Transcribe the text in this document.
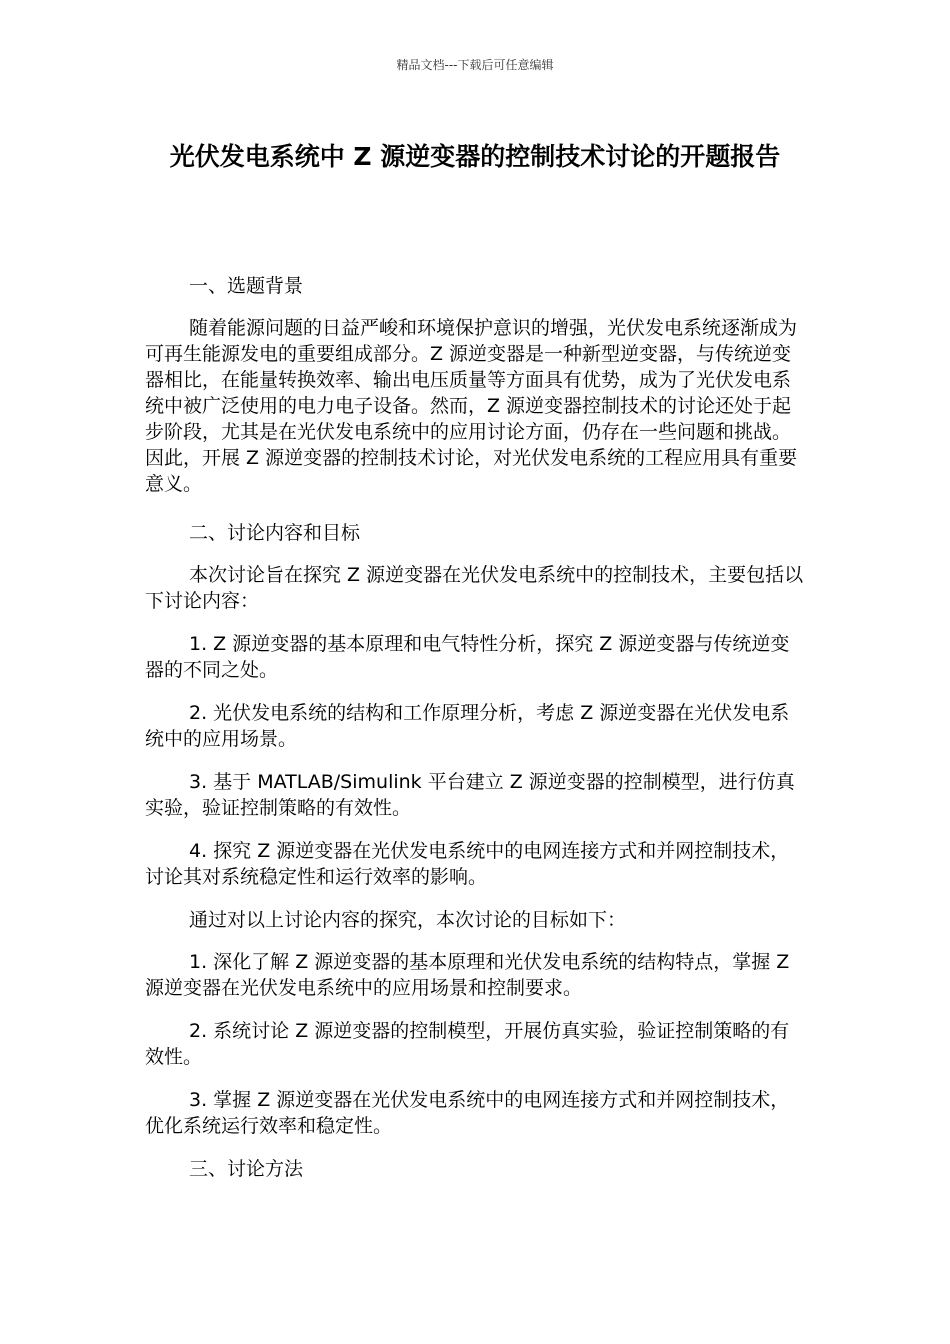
精品文档---下载后可任意编辑
光伏发电系统中 Z 源逆变器的控制技术讨论的开题报告

一、选题背景

随着能源问题的日益严峻和环境保护意识的增强，光伏发电系统逐渐成为可再生能源发电的重要组成部分。Z 源逆变器是一种新型逆变器，与传统逆变器相比，在能量转换效率、输出电压质量等方面具有优势，成为了光伏发电系统中被广泛使用的电力电子设备。然而，Z 源逆变器控制技术的讨论还处于起步阶段，尤其是在光伏发电系统中的应用讨论方面，仍存在一些问题和挑战。因此，开展 Z 源逆变器的控制技术讨论，对光伏发电系统的工程应用具有重要意义。

二、讨论内容和目标

本次讨论旨在探究 Z 源逆变器在光伏发电系统中的控制技术，主要包括以下讨论内容：

1. Z 源逆变器的基本原理和电气特性分析，探究 Z 源逆变器与传统逆变器的不同之处。

2. 光伏发电系统的结构和工作原理分析，考虑 Z 源逆变器在光伏发电系统中的应用场景。

3. 基于 MATLAB/Simulink 平台建立 Z 源逆变器的控制模型，进行仿真实验，验证控制策略的有效性。

4. 探究 Z 源逆变器在光伏发电系统中的电网连接方式和并网控制技术，讨论其对系统稳定性和运行效率的影响。

通过对以上讨论内容的探究，本次讨论的目标如下：

1. 深化了解 Z 源逆变器的基本原理和光伏发电系统的结构特点，掌握 Z 源逆变器在光伏发电系统中的应用场景和控制要求。

2. 系统讨论 Z 源逆变器的控制模型，开展仿真实验，验证控制策略的有效性。

3. 掌握 Z 源逆变器在光伏发电系统中的电网连接方式和并网控制技术，优化系统运行效率和稳定性。

三、讨论方法
